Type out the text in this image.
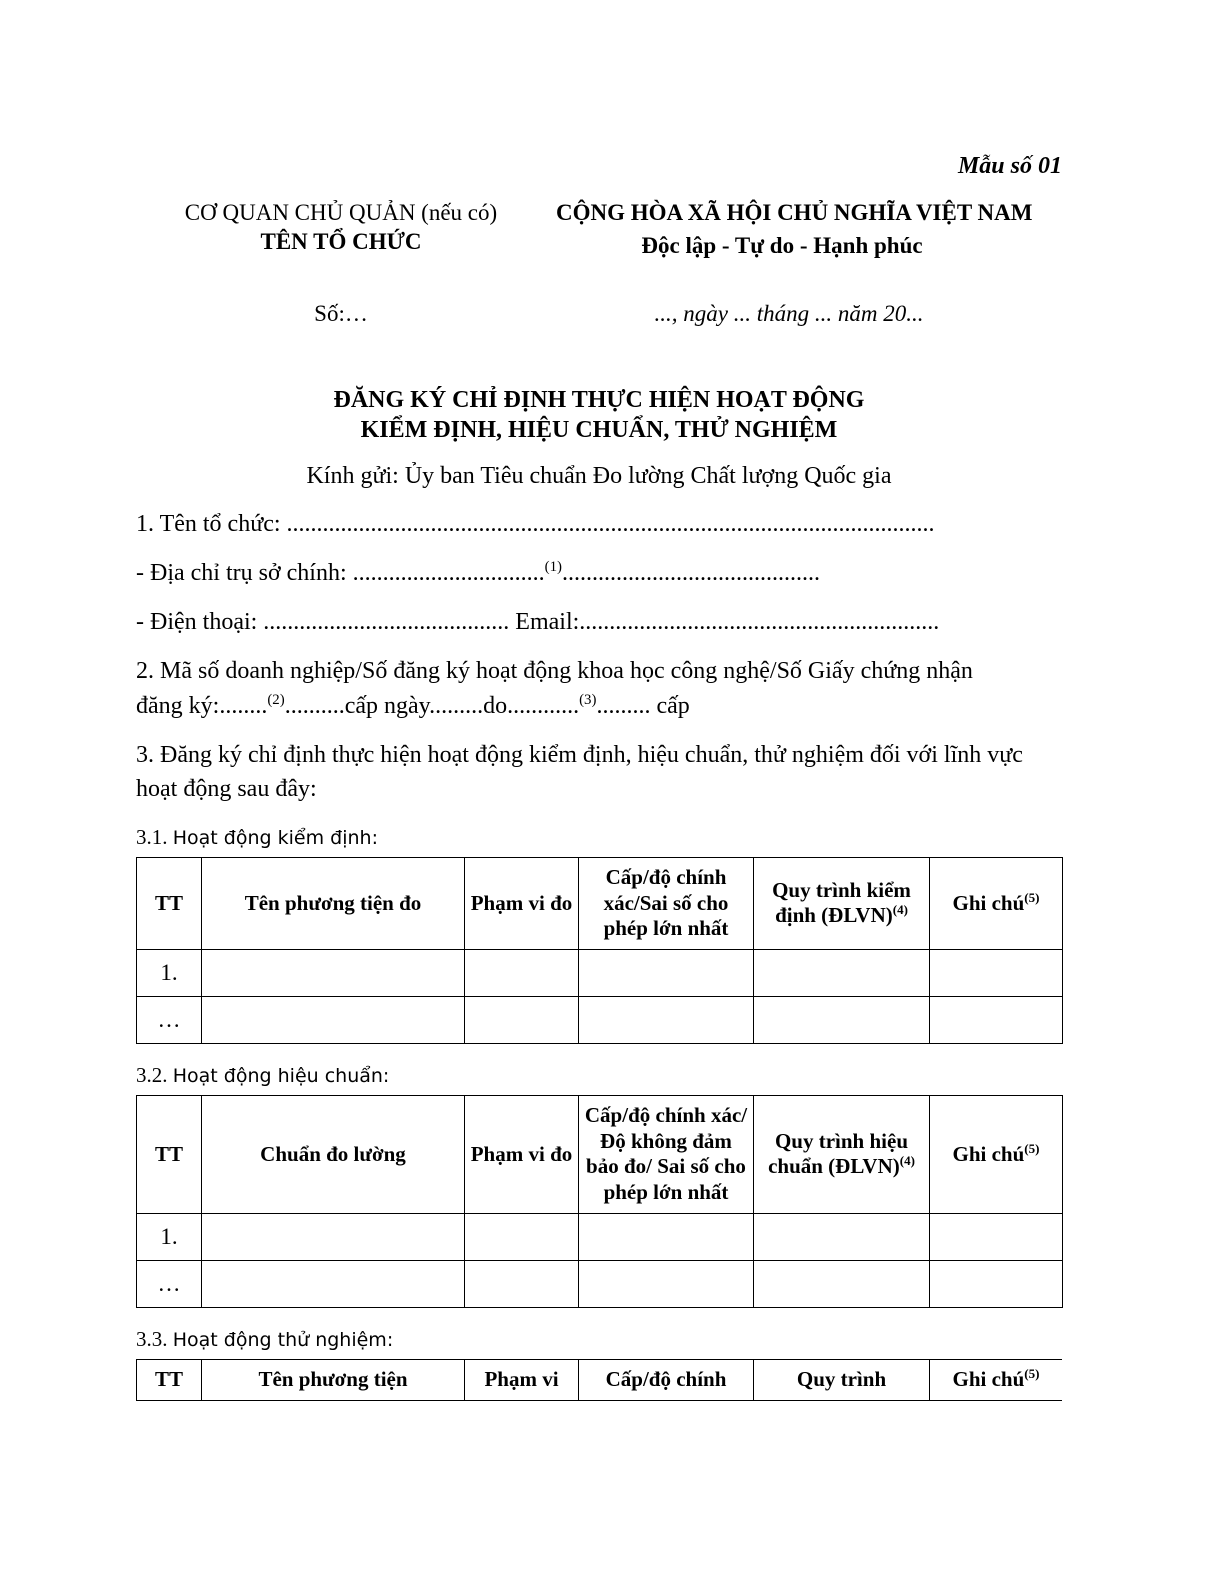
Mẫu số 01
CƠ QUAN CHỦ QUẢN (nếu có)
TÊN TỔ CHỨC
CỘNG HÒA XÃ HỘI CHỦ NGHĨA VIỆT NAM
Độc lập - Tự do - Hạnh phúc
Số:…	..., ngày ... tháng ... năm 20...
ĐĂNG KÝ CHỈ ĐỊNH THỰC HIỆN HOẠT ĐỘNG
KIỂM ĐỊNH, HIỆU CHUẨN, THỬ NGHIỆM
Kính gửi: Ủy ban Tiêu chuẩn Đo lường Chất lượng Quốc gia
1. Tên tổ chức: ............................................................................................................
- Địa chỉ trụ sở chính: ................................$^{(1)}$...........................................
- Điện thoại: ......................................... Email:............................................................
2. Mã số doanh nghiệp/Số đăng ký hoạt động khoa học công nghệ/Số Giấy chứng nhận
đăng ký:........$^{(2)}$..........cấp ngày.........do............$^{(3)}$......... cấp
3. Đăng ký chỉ định thực hiện hoạt động kiểm định, hiệu chuẩn, thử nghiệm đối với lĩnh vực hoạt động sau đây:
3.1. Hoạt động kiểm định:
TT	Tên phương tiện đo	Phạm vi đo	Cấp/độ chính xác/Sai số cho phép lớn nhất	Quy trình kiểm định (ĐLVN)$^{(4)}$	Ghi chú$^{(5)}$
1.					
…					
3.2. Hoạt động hiệu chuẩn:
TT	Chuẩn đo lường	Phạm vi đo	Cấp/độ chính xác/Độ không đảm bảo đo/ Sai số cho phép lớn nhất	Quy trình hiệu chuẩn (ĐLVN)$^{(4)}$	Ghi chú$^{(5)}$
1.					
…					
3.3. Hoạt động thử nghiệm:
TT	Tên phương tiện	Phạm vi	Cấp/độ chính	Quy trình	Ghi chú$^{(5)}$
